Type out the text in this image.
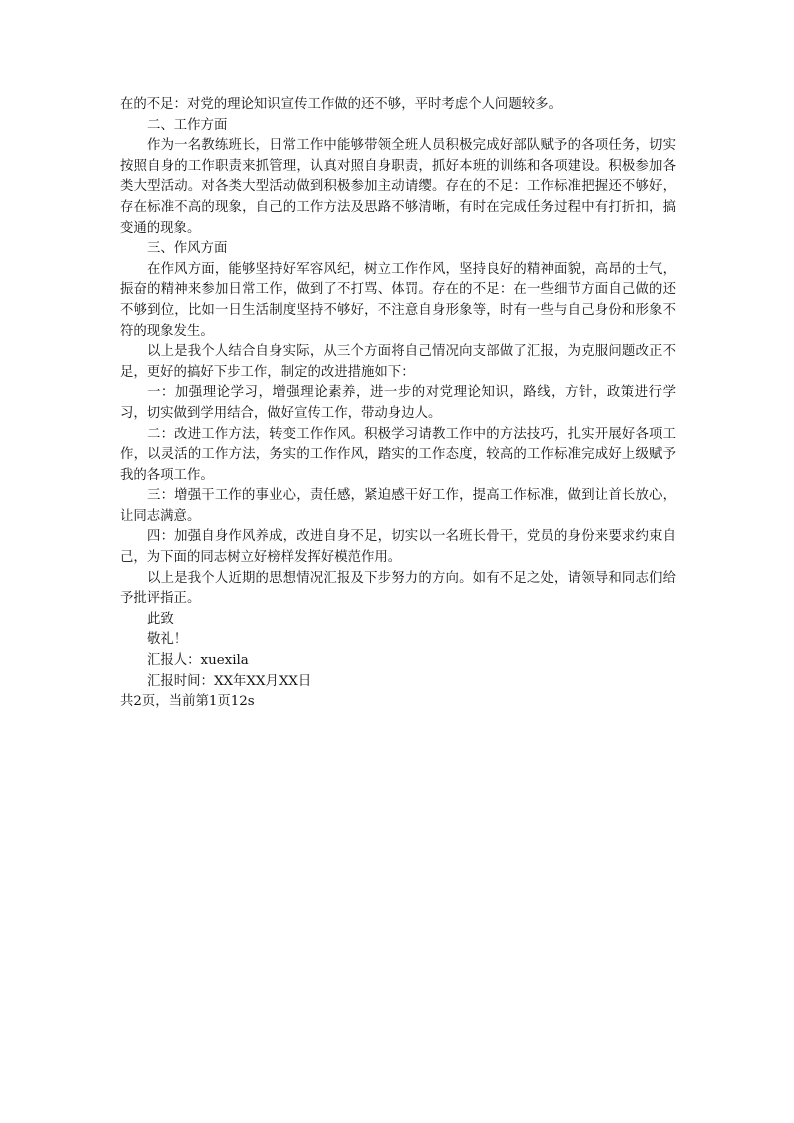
在的不足：对党的理论知识宣传工作做的还不够，平时考虑个人问题较多。

二、工作方面

作为一名教练班长，日常工作中能够带领全班人员积极完成好部队赋予的各项任务，切实按照自身的工作职责来抓管理，认真对照自身职责，抓好本班的训练和各项建设。积极参加各类大型活动。对各类大型活动做到积极参加主动请缨。存在的不足：工作标准把握还不够好，存在标准不高的现象，自己的工作方法及思路不够清晰，有时在完成任务过程中有打折扣，搞变通的现象。

三、作风方面

在作风方面，能够坚持好军容风纪，树立工作作风，坚持良好的精神面貌，高昂的士气，振奋的精神来参加日常工作，做到了不打骂、体罚。存在的不足：在一些细节方面自己做的还不够到位，比如一日生活制度坚持不够好，不注意自身形象等，时有一些与自己身份和形象不符的现象发生。

以上是我个人结合自身实际，从三个方面将自己情况向支部做了汇报，为克服问题改正不足，更好的搞好下步工作，制定的改进措施如下：

一：加强理论学习，增强理论素养，进一步的对党理论知识，路线，方针，政策进行学习，切实做到学用结合，做好宣传工作，带动身边人。

二：改进工作方法，转变工作作风。积极学习请教工作中的方法技巧，扎实开展好各项工作，以灵活的工作方法，务实的工作作风，踏实的工作态度，较高的工作标准完成好上级赋予我的各项工作。

三：增强干工作的事业心，责任感，紧迫感干好工作，提高工作标准，做到让首长放心，让同志满意。

四：加强自身作风养成，改进自身不足，切实以一名班长骨干，党员的身份来要求约束自己，为下面的同志树立好榜样发挥好模范作用。

以上是我个人近期的思想情况汇报及下步努力的方向。如有不足之处，请领导和同志们给予批评指正。

此致

敬礼！

汇报人：xuexila

汇报时间：XX年XX月XX日

共2页，当前第1页12s
